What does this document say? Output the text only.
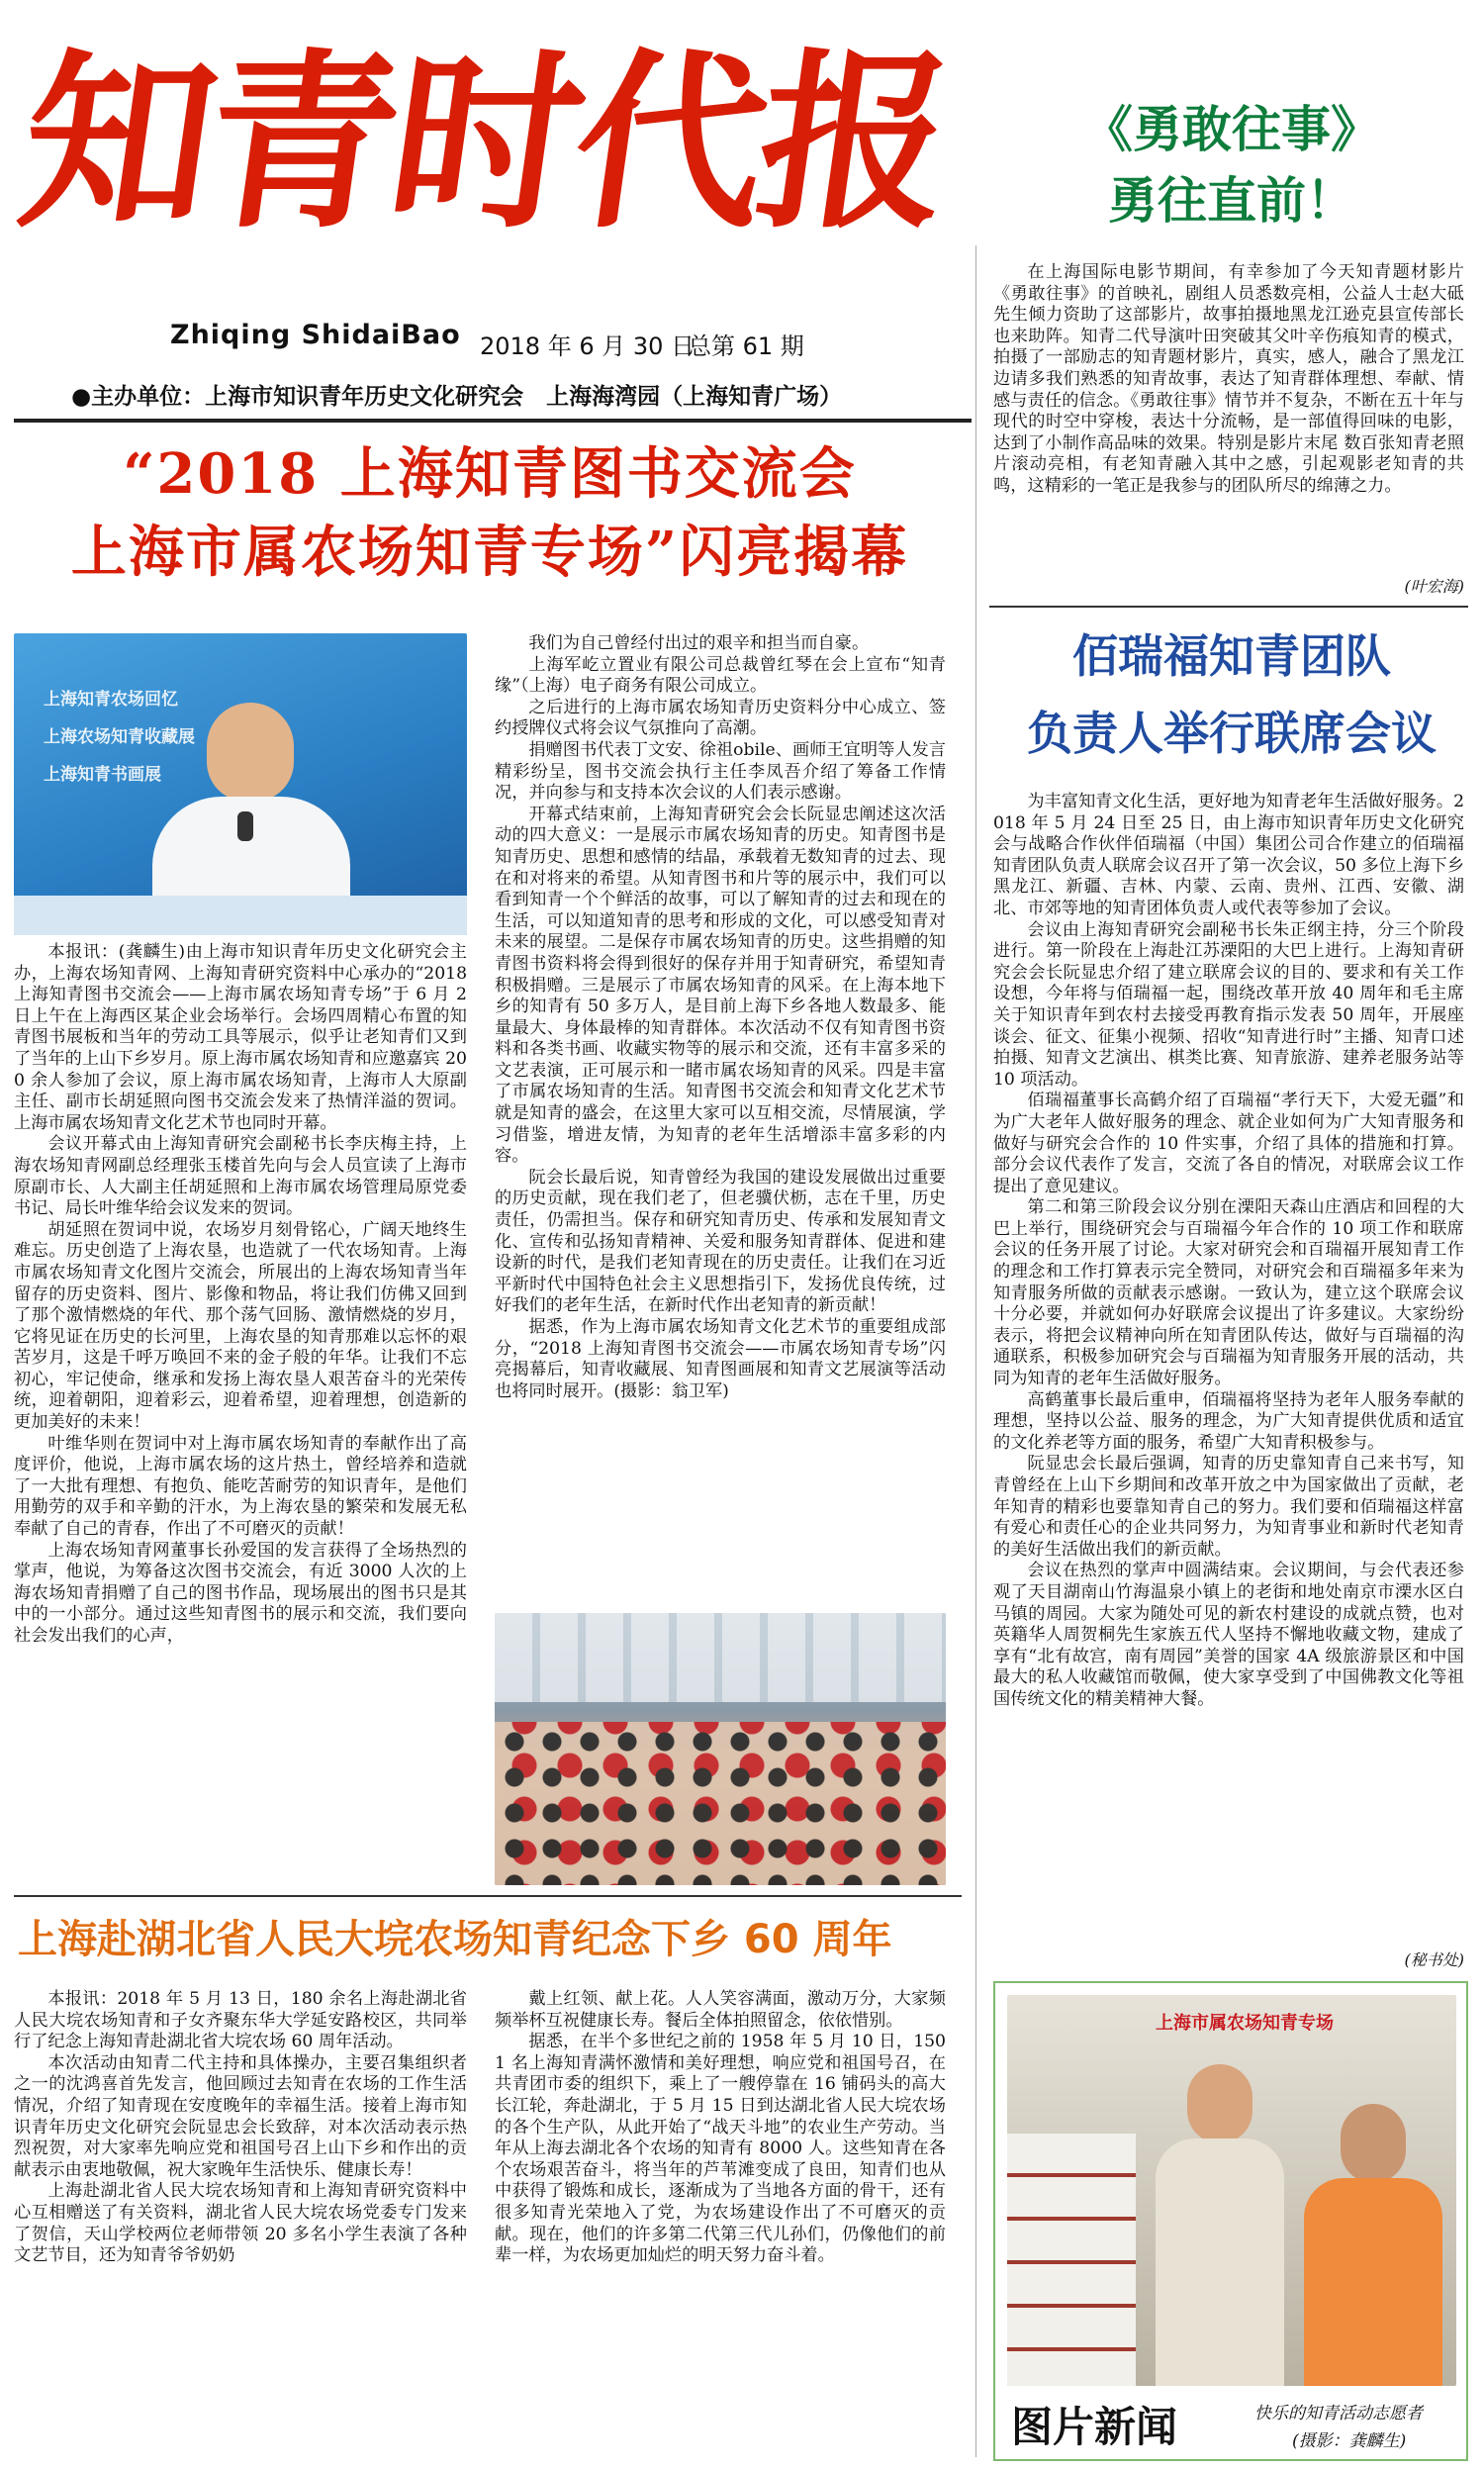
知青时代报
Zhiqing ShidaiBao 2018 年 6 月 30 日
总第 61 期
●主办单位：上海市知识青年历史文化研究会　上海海湾园（上海知青广场）
“2018 上海知青图书交流会
上海市属农场知青专场”闪亮揭幕
上海知青农场回忆
上海农场知青收藏展
上海知青书画展

本报讯：(龚麟生)由上海市知识青年历史文化研究会主办，上海农场知青网、上海知青研究资料中心承办的“2018 上海知青图书交流会——上海市属农场知青专场”于 6 月 2 日上午在上海西区某企业会场举行。会场四周精心布置的知青图书展板和当年的劳动工具等展示，似乎让老知青们又到了当年的上山下乡岁月。原上海市属农场知青和应邀嘉宾 200 余人参加了会议，原上海市属农场知青，上海市人大原副主任、副市长胡延照向图书交流会发来了热情洋溢的贺词。上海市属农场知青文化艺术节也同时开幕。

会议开幕式由上海知青研究会副秘书长李庆梅主持，上海农场知青网副总经理张玉楼首先向与会人员宣读了上海市原副市长、人大副主任胡延照和上海市属农场管理局原党委书记、局长叶维华给会议发来的贺词。

胡延照在贺词中说，农场岁月刻骨铭心，广阔天地终生难忘。历史创造了上海农垦，也造就了一代农场知青。上海市属农场知青文化图片交流会，所展出的上海农场知青当年留存的历史资料、图片、影像和物品，将让我们仿佛又回到了那个激情燃烧的年代、那个荡气回肠、激情燃烧的岁月，它将见证在历史的长河里，上海农垦的知青那难以忘怀的艰苦岁月，这是千呼万唤回不来的金子般的年华。让我们不忘初心，牢记使命，继承和发扬上海农垦人艰苦奋斗的光荣传统，迎着朝阳，迎着彩云，迎着希望，迎着理想，创造新的更加美好的未来！

叶维华则在贺词中对上海市属农场知青的奉献作出了高度评价，他说，上海市属农场的这片热土，曾经培养和造就了一大批有理想、有抱负、能吃苦耐劳的知识青年，是他们用勤劳的双手和辛勤的汗水，为上海农垦的繁荣和发展无私奉献了自己的青春，作出了不可磨灭的贡献！

上海农场知青网董事长孙爱国的发言获得了全场热烈的掌声，他说，为筹备这次图书交流会，有近 3000 人次的上海农场知青捐赠了自己的图书作品，现场展出的图书只是其中的一小部分。通过这些知青图书的展示和交流，我们要向社会发出我们的心声，

我们为自己曾经付出过的艰辛和担当而自豪。

上海军屹立置业有限公司总裁曾红琴在会上宣布“知青缘”（上海）电子商务有限公司成立。

之后进行的上海市属农场知青历史资料分中心成立、签约授牌仪式将会议气氛推向了高潮。

捐赠图书代表丁文安、徐祖obile、画师王宜明等人发言精彩纷呈，图书交流会执行主任李凤吾介绍了筹备工作情况，并向参与和支持本次会议的人们表示感谢。

开幕式结束前，上海知青研究会会长阮显忠阐述这次活动的四大意义：一是展示市属农场知青的历史。知青图书是知青历史、思想和感情的结晶，承载着无数知青的过去、现在和对将来的希望。从知青图书和片等的展示中，我们可以看到知青一个个鲜活的故事，可以了解知青的过去和现在的生活，可以知道知青的思考和形成的文化，可以感受知青对未来的展望。二是保存市属农场知青的历史。这些捐赠的知青图书资料将会得到很好的保存并用于知青研究，希望知青积极捐赠。三是展示了市属农场知青的风采。在上海本地下乡的知青有 50 多万人，是目前上海下乡各地人数最多、能量最大、身体最棒的知青群体。本次活动不仅有知青图书资料和各类书画、收藏实物等的展示和交流，还有丰富多采的文艺表演，正可展示和一睹市属农场知青的风采。四是丰富了市属农场知青的生活。知青图书交流会和知青文化艺术节就是知青的盛会，在这里大家可以互相交流，尽情展演，学习借鉴，增进友情，为知青的老年生活增添丰富多彩的内容。

阮会长最后说，知青曾经为我国的建设发展做出过重要的历史贡献，现在我们老了，但老骥伏枥，志在千里，历史责任，仍需担当。保存和研究知青历史、传承和发展知青文化、宣传和弘扬知青精神、关爱和服务知青群体、促进和建设新的时代，是我们老知青现在的历史责任。让我们在习近平新时代中国特色社会主义思想指引下，发扬优良传统，过好我们的老年生活，在新时代作出老知青的新贡献！

据悉，作为上海市属农场知青文化艺术节的重要组成部分，“2018 上海知青图书交流会——市属农场知青专场”闪亮揭幕后，知青收藏展、知青图画展和知青文艺展演等活动也将同时展开。(摄影：翁卫军)

上海赴湖北省人民大垸农场知青纪念下乡 60 周年

本报讯：2018 年 5 月 13 日，180 余名上海赴湖北省人民大垸农场知青和子女齐聚东华大学延安路校区，共同举行了纪念上海知青赴湖北省大垸农场 60 周年活动。

本次活动由知青二代主持和具体操办，主要召集组织者之一的沈鸿喜首先发言，他回顾过去知青在农场的工作生活情况，介绍了知青现在安度晚年的幸福生活。接着上海市知识青年历史文化研究会阮显忠会长致辞，对本次活动表示热烈祝贺，对大家率先响应党和祖国号召上山下乡和作出的贡献表示由衷地敬佩，祝大家晚年生活快乐、健康长寿！

上海赴湖北省人民大垸农场知青和上海知青研究资料中心互相赠送了有关资料，湖北省人民大垸农场党委专门发来了贺信，天山学校两位老师带领 20 多名小学生表演了各种文艺节目，还为知青爷爷奶奶

戴上红领、献上花。人人笑容满面，激动万分，大家频频举杯互祝健康长寿。餐后全体拍照留念，依依惜别。

据悉，在半个多世纪之前的 1958 年 5 月 10 日，1501 名上海知青满怀激情和美好理想，响应党和祖国号召，在共青团市委的组织下，乘上了一艘停靠在 16 铺码头的高大长江轮，奔赴湖北，于 5 月 15 日到达湖北省人民大垸农场的各个生产队，从此开始了“战天斗地”的农业生产劳动。当年从上海去湖北各个农场的知青有 8000 人。这些知青在各个农场艰苦奋斗，将当年的芦苇滩变成了良田，知青们也从中获得了锻炼和成长，逐渐成为了当地各方面的骨干，还有很多知青光荣地入了党，为农场建设作出了不可磨灭的贡献。现在，他们的许多第二代第三代儿孙们，仍像他们的前辈一样，为农场更加灿烂的明天努力奋斗着。

《勇敢往事》
勇往直前！

在上海国际电影节期间，有幸参加了今天知青题材影片《勇敢往事》的首映礼，剧组人员悉数亮相，公益人士赵大砥先生倾力资助了这部影片，故事拍摄地黑龙江逊克县宣传部长也来助阵。知青二代导演叶田突破其父叶辛伤痕知青的模式，拍摄了一部励志的知青题材影片，真实，感人，融合了黑龙江边请多我们熟悉的知青故事，表达了知青群体理想、奉献、情感与责任的信念。《勇敢往事》情节并不复杂，不断在五十年与现代的时空中穿梭，表达十分流畅，是一部值得回味的电影，达到了小制作高品味的效果。特别是影片末尾 数百张知青老照片滚动亮相，有老知青融入其中之感，引起观影老知青的共鸣，这精彩的一笔正是我参与的团队所尽的绵薄之力。

(叶宏海)
佰瑞福知青团队
负责人举行联席会议

为丰富知青文化生活，更好地为知青老年生活做好服务。2018 年 5 月 24 日至 25 日，由上海市知识青年历史文化研究会与战略合作伙伴佰瑞福（中国）集团公司合作建立的佰瑞福知青团队负责人联席会议召开了第一次会议，50 多位上海下乡黑龙江、新疆、吉林、内蒙、云南、贵州、江西、安徽、湖北、市郊等地的知青团体负责人或代表等参加了会议。

会议由上海知青研究会副秘书长朱正纲主持，分三个阶段进行。第一阶段在上海赴江苏溧阳的大巴上进行。上海知青研究会会长阮显忠介绍了建立联席会议的目的、要求和有关工作设想，今年将与佰瑞福一起，围绕改革开放 40 周年和毛主席关于知识青年到农村去接受再教育指示发表 50 周年，开展座谈会、征文、征集小视频、招收“知青进行时”主播、知青口述拍摄、知青文艺演出、棋类比赛、知青旅游、建养老服务站等 10 项活动。

佰瑞福董事长高鹤介绍了百瑞福“孝行天下，大爱无疆”和为广大老年人做好服务的理念、就企业如何为广大知青服务和做好与研究会合作的 10 件实事，介绍了具体的措施和打算。部分会议代表作了发言，交流了各自的情况，对联席会议工作提出了意见建议。

第二和第三阶段会议分别在溧阳天森山庄酒店和回程的大巴上举行，围绕研究会与百瑞福今年合作的 10 项工作和联席会议的任务开展了讨论。大家对研究会和百瑞福开展知青工作的理念和工作打算表示完全赞同，对研究会和百瑞福多年来为知青服务所做的贡献表示感谢。一致认为，建立这个联席会议十分必要，并就如何办好联席会议提出了许多建议。大家纷纷表示，将把会议精神向所在知青团队传达，做好与百瑞福的沟通联系，积极参加研究会与百瑞福为知青服务开展的活动，共同为知青的老年生活做好服务。

高鹤董事长最后重申，佰瑞福将坚持为老年人服务奉献的理想，坚持以公益、服务的理念，为广大知青提供优质和适宜的文化养老等方面的服务，希望广大知青积极参与。

阮显忠会长最后强调，知青的历史靠知青自己来书写，知青曾经在上山下乡期间和改革开放之中为国家做出了贡献，老年知青的精彩也要靠知青自己的努力。我们要和佰瑞福这样富有爱心和责任心的企业共同努力，为知青事业和新时代老知青的美好生活做出我们的新贡献。

会议在热烈的掌声中圆满结束。会议期间，与会代表还参观了天目湖南山竹海温泉小镇上的老街和地处南京市溧水区白马镇的周园。大家为随处可见的新农村建设的成就点赞，也对英籍华人周贺桐先生家族五代人坚持不懈地收藏文物，建成了享有“北有故宫，南有周园”美誉的国家 4A 级旅游景区和中国最大的私人收藏馆而敬佩，使大家享受到了中国佛教文化等祖国传统文化的精美精神大餐。

(秘书处)
上海市属农场知青专场
图片新闻	快乐的知青活动志愿者
(摄影：龚麟生)
